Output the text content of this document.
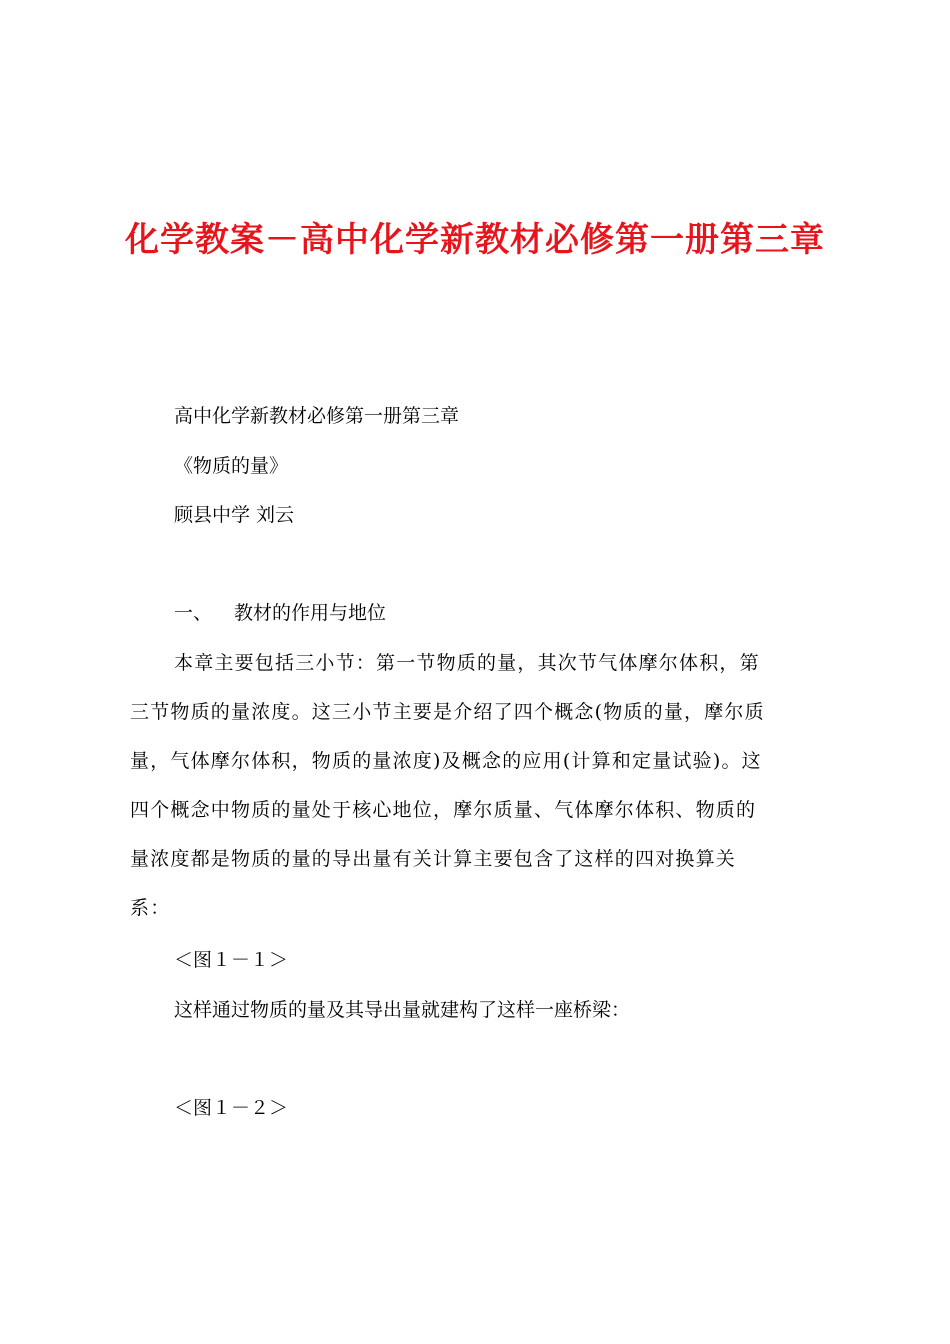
化学教案－高中化学新教材必修第一册第三章
高中化学新教材必修第一册第三章
《物质的量》
顾县中学 刘云
一、 教材的作用与地位
本章主要包括三小节：第一节物质的量，其次节气体摩尔体积，第
三节物质的量浓度。这三小节主要是介绍了四个概念(物质的量，摩尔质
量，气体摩尔体积，物质的量浓度)及概念的应用(计算和定量试验)。这
四个概念中物质的量处于核心地位，摩尔质量、气体摩尔体积、物质的
量浓度都是物质的量的导出量有关计算主要包含了这样的四对换算关
系：
＜图１－１＞
这样通过物质的量及其导出量就建构了这样一座桥梁：
＜图１－２＞
